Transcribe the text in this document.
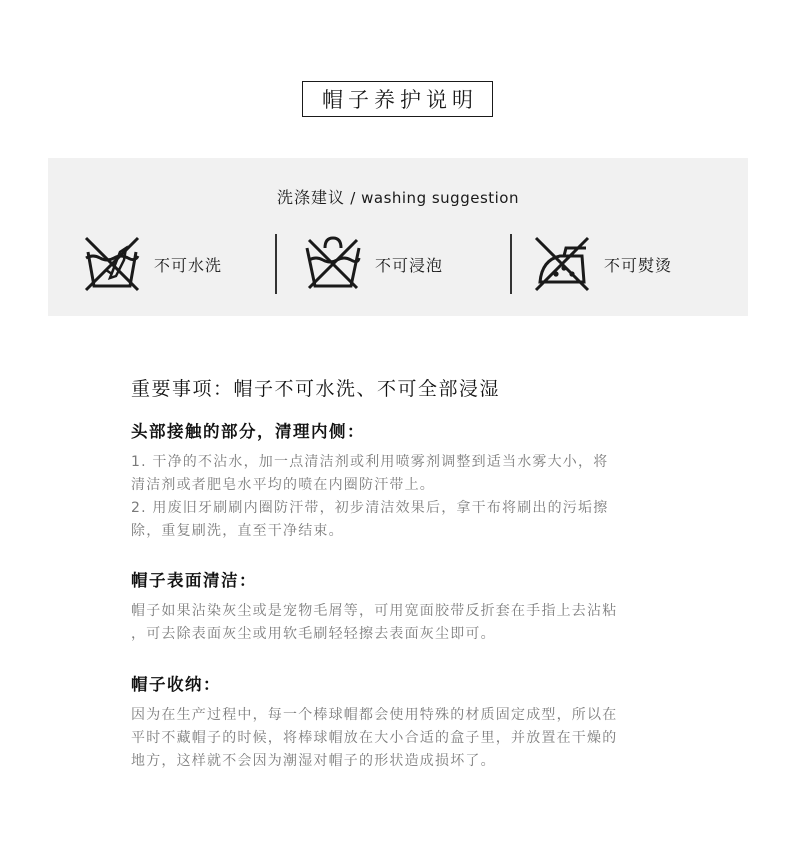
帽子养护说明
洗涤建议 / washing suggestion
不可水洗	不可浸泡	不可熨烫
重要事项：帽子不可水洗、不可全部浸湿
头部接触的部分，清理内侧：

1. 干净的不沾水，加一点清洁剂或利用喷雾剂调整到适当水雾大小，将

清洁剂或者肥皂水平均的喷在内圈防汗带上。

2. 用废旧牙刷刷内圈防汗带，初步清洁效果后，拿干布将刷出的污垢擦

除，重复刷洗，直至干净结束。

帽子表面清洁：

帽子如果沾染灰尘或是宠物毛屑等，可用宽面胶带反折套在手指上去沾粘

，可去除表面灰尘或用软毛刷轻轻擦去表面灰尘即可。

帽子收纳：

因为在生产过程中，每一个棒球帽都会使用特殊的材质固定成型，所以在

平时不藏帽子的时候，将棒球帽放在大小合适的盒子里，并放置在干燥的

地方，这样就不会因为潮湿对帽子的形状造成损坏了。
